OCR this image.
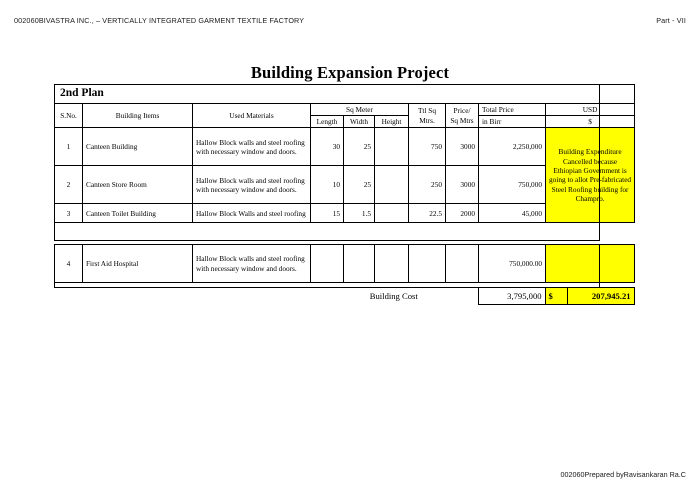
002060BIVASTRA INC., – VERTICALLY INTEGRATED GARMENT TEXTILE FACTORY	Part - VII
Building Expansion Project
2nd Plan									
S.No.	Building Items	Used Materials	Sq Meter			Ttl Sq Mtrs.	Price/ Sq Mtrs	Total Price	USD
			Length	Width	Height			in Birr	$
1	Canteen Building	Hallow Block walls and steel roofing with necessary window and doors.	30	25		750	3000	2,250,000	Building Expenditure Cancelled because Ethiopian Government is going to allot Pre-fabricated Steel Roofing building for Champro.
2	Canteen Store Room	Hallow Block walls and steel roofing with necessary window and doors.	10	25		250	3000	750,000	
3	Canteen Toilet Building	Hallow Block Walls and steel roofing	15	1.5		22.5	2000	45,000	
4	First Aid Hospital	Hallow Block walls and steel roofing with necessary window and doors.						750,000.00	
	Building Cost	3,795,000	$	207,945.21
002060Prepared byRavisankaran Ra.C
